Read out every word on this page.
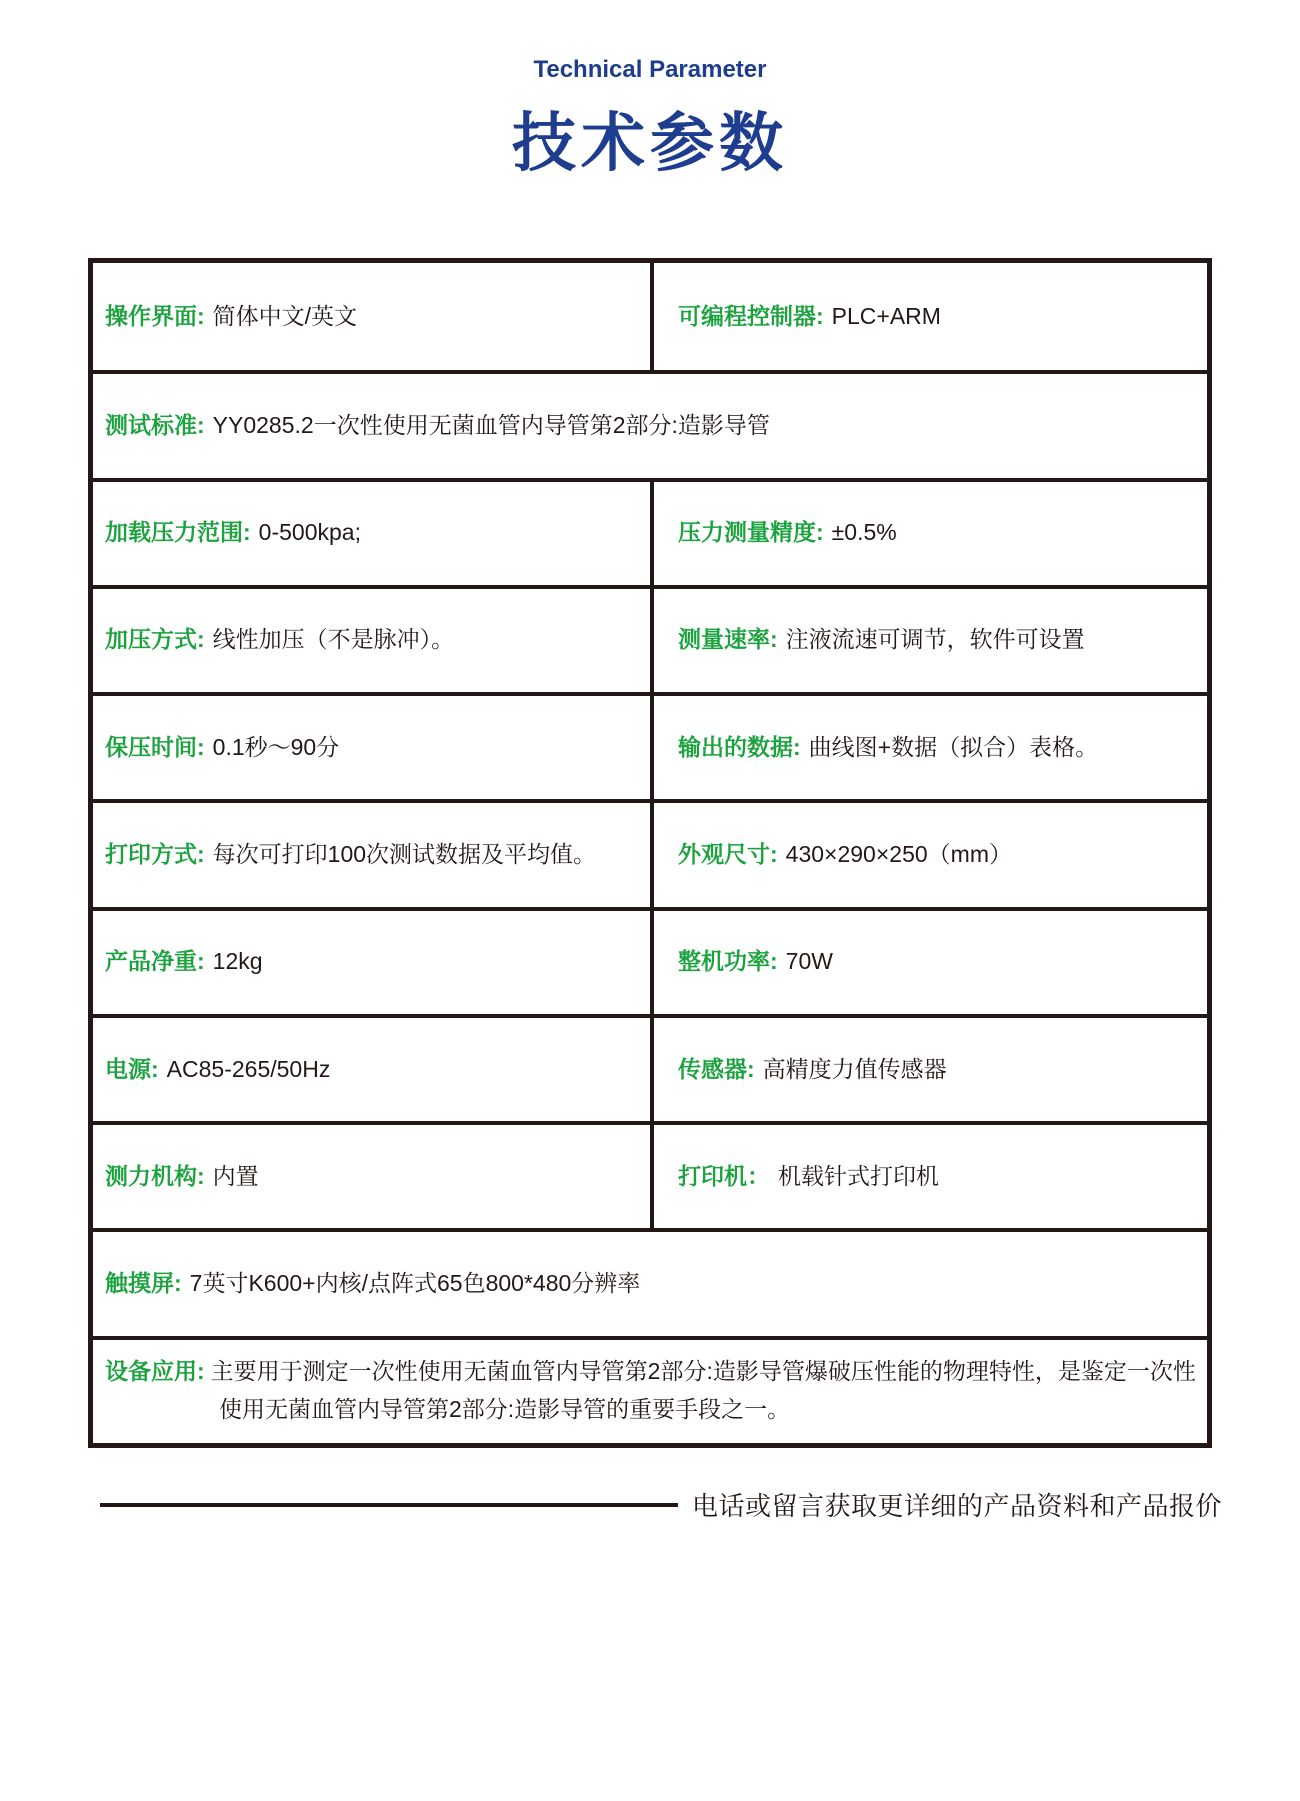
Technical Parameter
技术参数

操作界面: 简体中文/英文	可编程控制器: PLC+ARM

测试标准: YY0285.2一次性使用无菌血管内导管第2部分:造影导管

加载压力范围: 0-500kpa;	压力测量精度: ±0.5%

加压方式: 线性加压（不是脉冲）。	测量速率: 注液流速可调节，软件可设置

保压时间: 0.1秒～90分	输出的数据: 曲线图+数据（拟合）表格。

打印方式: 每次可打印100次测试数据及平均值。	外观尺寸: 430×290×250（mm）

产品净重: 12kg	整机功率: 70W

电源: AC85-265/50Hz	传感器: 高精度力值传感器

测力机构: 内置	打印机： 机载针式打印机

触摸屏: 7英寸K600+内核/点阵式65色800*480分辨率

设备应用: 主要用于测定一次性使用无菌血管内导管第2部分:造影导管爆破压性能的物理特性，是鉴定一次性使用无菌血管内导管第2部分:造影导管的重要手段之一。

电话或留言获取更详细的产品资料和产品报价
